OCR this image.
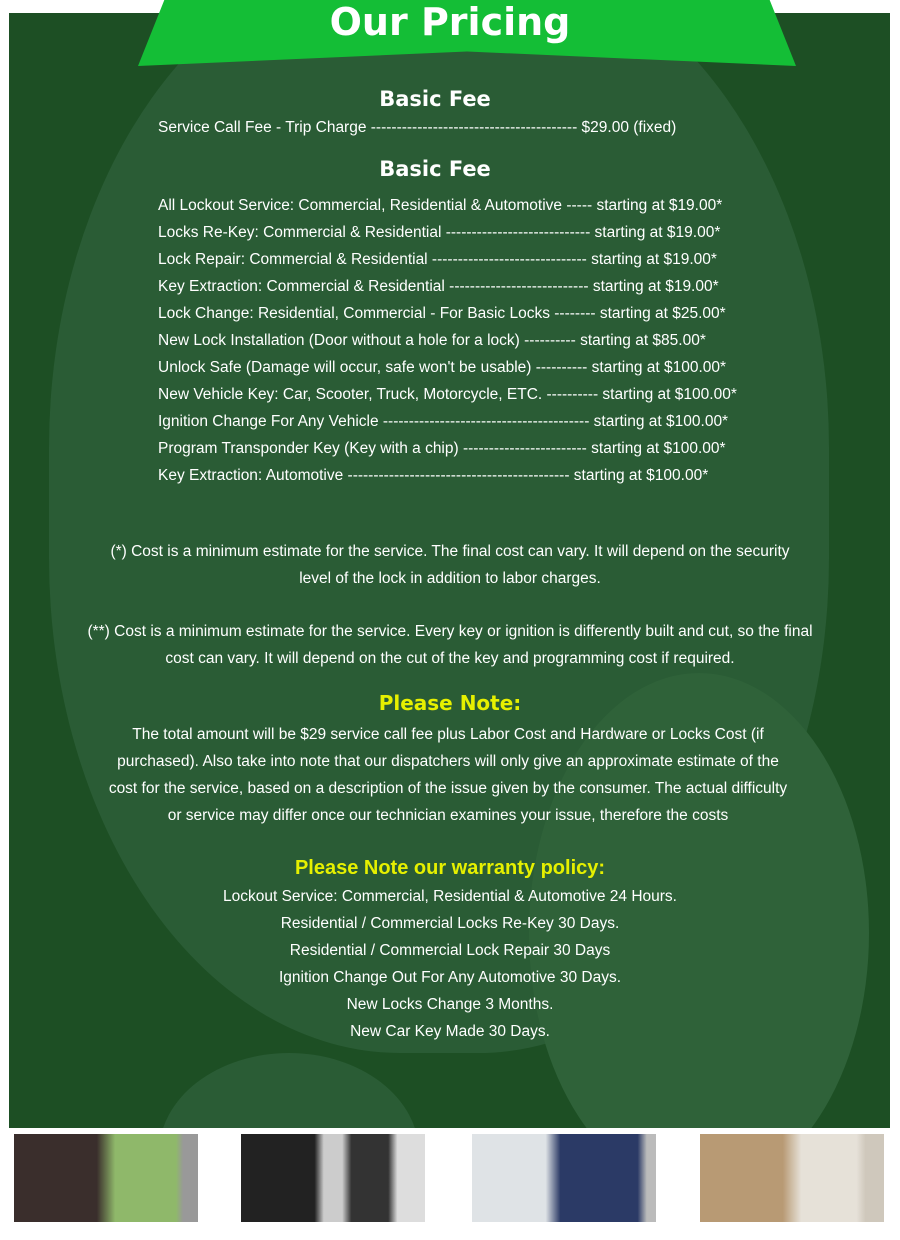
Our Pricing
Basic Fee
Service Call Fee - Trip Charge ---------------------------------------- $29.00 (fixed)
Basic Fee
All Lockout Service: Commercial, Residential & Automotive ----- starting at $19.00*
Locks Re-Key: Commercial & Residential ---------------------------- starting at $19.00*
Lock Repair: Commercial & Residential ------------------------------ starting at $19.00*
Key Extraction: Commercial & Residential --------------------------- starting at $19.00*
Lock Change: Residential, Commercial - For Basic Locks -------- starting at $25.00*
New Lock Installation (Door without a hole for a lock) ---------- starting at $85.00*
Unlock Safe (Damage will occur, safe won't be usable) ---------- starting at $100.00*
New Vehicle Key: Car, Scooter, Truck, Motorcycle, ETC. ---------- starting at $100.00*
Ignition Change For Any Vehicle ---------------------------------------- starting at $100.00*
Program Transponder Key (Key with a chip) ------------------------ starting at $100.00*
Key Extraction: Automotive ------------------------------------------- starting at $100.00*
(*) Cost is a minimum estimate for the service. The final cost can vary. It will depend on the security level of the lock in addition to labor charges.
(**) Cost is a minimum estimate for the service. Every key or ignition is differently built and cut, so the final cost can vary. It will depend on the cut of the key and programming cost if required.
Please Note:
The total amount will be $29 service call fee plus Labor Cost and Hardware or Locks Cost (if purchased). Also take into note that our dispatchers will only give an approximate estimate of the cost for the service, based on a description of the issue given by the consumer. The actual difficulty or service may differ once our technician examines your issue, therefore the costs
Please Note our warranty policy:
Lockout Service: Commercial, Residential & Automotive 24 Hours.
Residential / Commercial Locks Re-Key 30 Days.
Residential / Commercial Lock Repair 30 Days
Ignition Change Out For Any Automotive 30 Days.
New Locks Change 3 Months.
New Car Key Made 30 Days.
